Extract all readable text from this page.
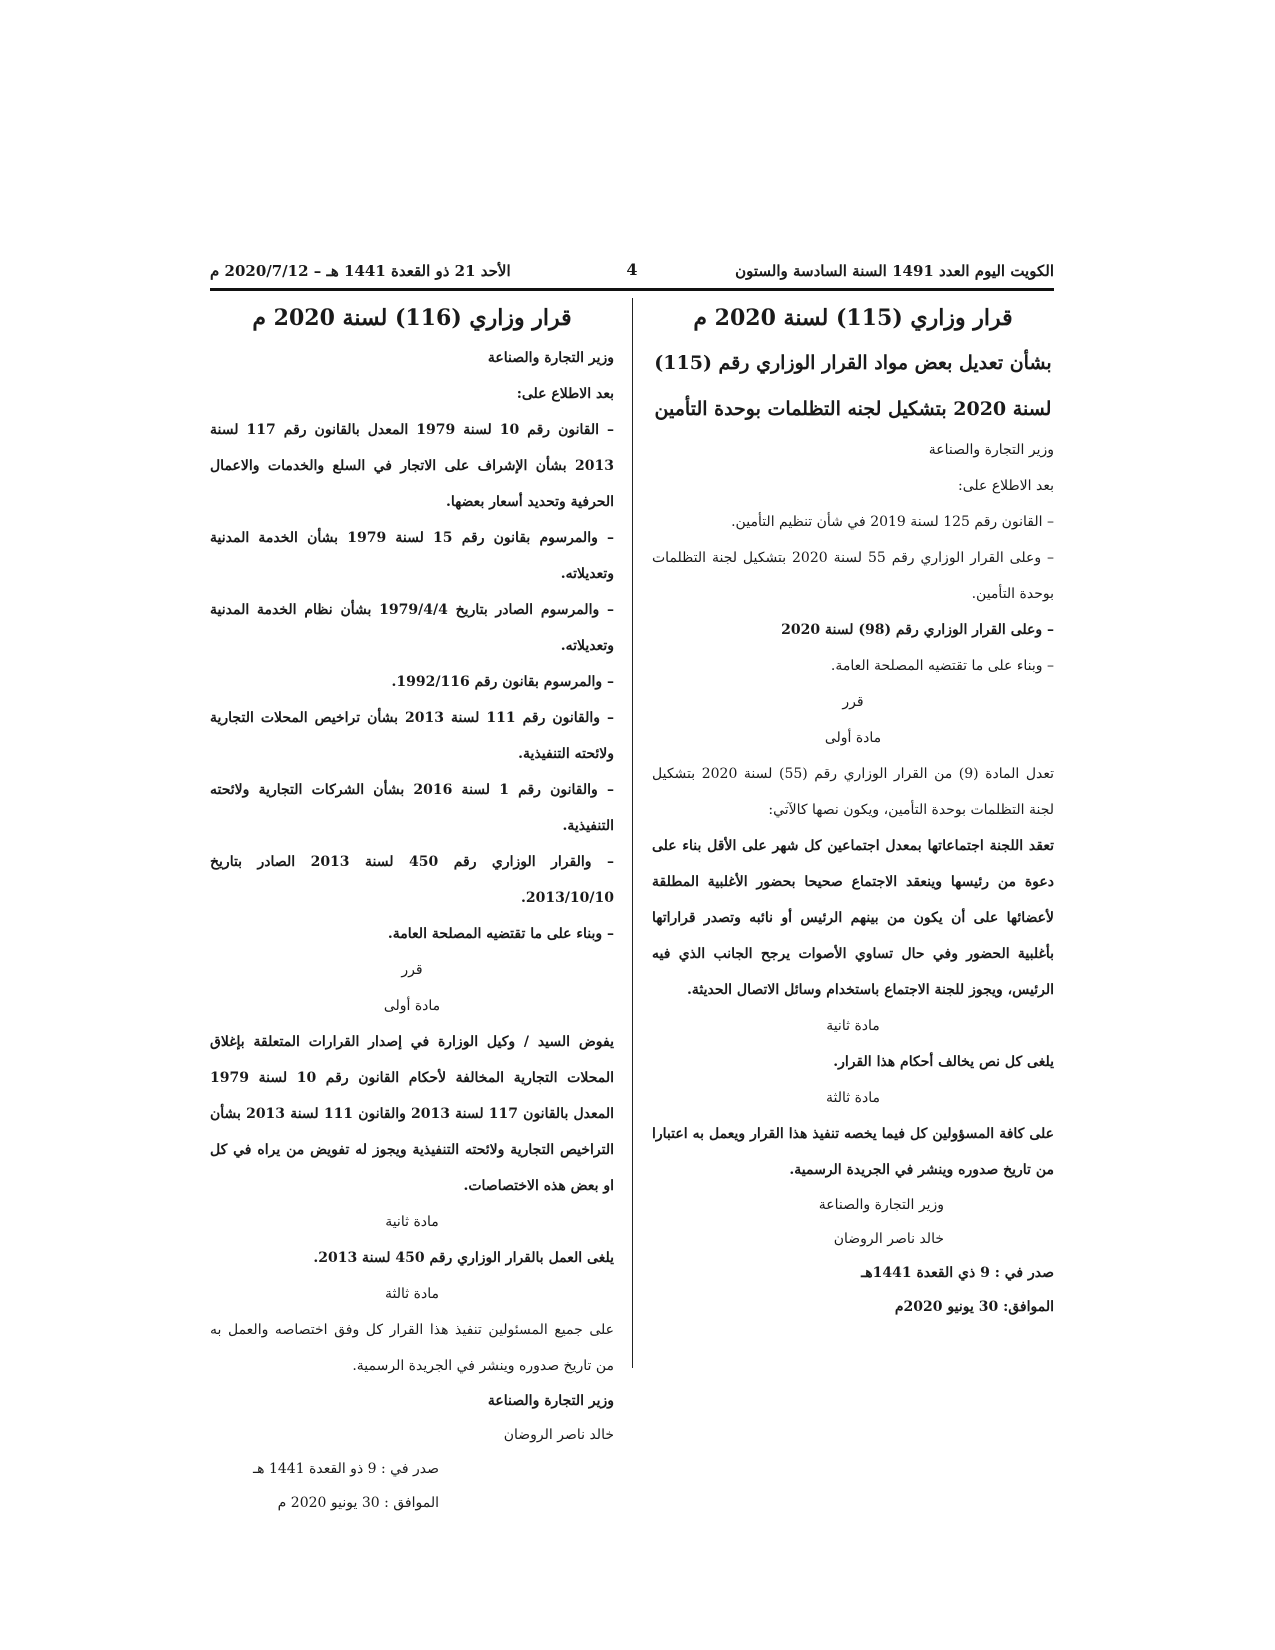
الكويت اليوم العدد 1491 السنة السادسة والستون
4
الأحد 21 ذو القعدة 1441 هـ – 2020/7/12 م

قرار وزاري (115) لسنة 2020 م

بشأن تعديل بعض مواد القرار الوزاري رقم (115)

لسنة 2020 بتشكيل لجنه التظلمات بوحدة التأمين

وزير التجارة والصناعة

بعد الاطلاع على:

– القانون رقم 125 لسنة 2019 في شأن تنظيم التأمين.

– وعلى القرار الوزاري رقم 55 لسنة 2020 بتشكيل لجنة التظلمات بوحدة التأمين.

– وعلى القرار الوزاري رقم (98) لسنة 2020

– وبناء على ما تقتضيه المصلحة العامة.

قرر

مادة أولى

تعدل المادة (9) من القرار الوزاري رقم (55) لسنة 2020 بتشكيل لجنة التظلمات بوحدة التأمين، ويكون نصها كالآتي:

تعقد اللجنة اجتماعاتها بمعدل اجتماعين كل شهر على الأقل بناء على دعوة من رئيسها وينعقد الاجتماع صحيحا بحضور الأغلبية المطلقة لأعضائها على أن يكون من بينهم الرئيس أو نائبه وتصدر قراراتها بأغلبية الحضور وفي حال تساوي الأصوات يرجح الجانب الذي فيه الرئيس، ويجوز للجنة الاجتماع باستخدام وسائل الاتصال الحديثة.

مادة ثانية

يلغى كل نص يخالف أحكام هذا القرار.

مادة ثالثة

على كافة المسؤولين كل فيما يخصه تنفيذ هذا القرار ويعمل به اعتبارا من تاريخ صدوره وينشر في الجريدة الرسمية.

وزير التجارة والصناعة

خالد ناصر الروضان

صدر في : 9 ذي القعدة 1441هـ

الموافق: 30 يونيو 2020م

قرار وزاري (116) لسنة 2020 م

وزير التجارة والصناعة

بعد الاطلاع على:

– القانون رقم 10 لسنة 1979 المعدل بالقانون رقم 117 لسنة 2013 بشأن الإشراف على الاتجار في السلع والخدمات والاعمال الحرفية وتحديد أسعار بعضها.

– والمرسوم بقانون رقم 15 لسنة 1979 بشأن الخدمة المدنية وتعديلاته.

– والمرسوم الصادر بتاريخ 1979/4/4 بشأن نظام الخدمة المدنية وتعديلاته.

– والمرسوم بقانون رقم 1992/116.

– والقانون رقم 111 لسنة 2013 بشأن تراخيص المحلات التجارية ولائحته التنفيذية.

– والقانون رقم 1 لسنة 2016 بشأن الشركات التجارية ولائحته التنفيذية.

– والقرار الوزاري رقم 450 لسنة 2013 الصادر بتاريخ 2013/10/10.

– وبناء على ما تقتضيه المصلحة العامة.

قرر

مادة أولى

يفوض السيد / وكيل الوزارة في إصدار القرارات المتعلقة بإغلاق المحلات التجارية المخالفة لأحكام القانون رقم 10 لسنة 1979 المعدل بالقانون 117 لسنة 2013 والقانون 111 لسنة 2013 بشأن التراخيص التجارية ولائحته التنفيذية ويجوز له تفويض من يراه في كل او بعض هذه الاختصاصات.

مادة ثانية

يلغى العمل بالقرار الوزاري رقم 450 لسنة 2013.

مادة ثالثة

على جميع المسئولين تنفيذ هذا القرار كل وفق اختصاصه والعمل به من تاريخ صدوره وينشر في الجريدة الرسمية.

وزير التجارة والصناعة

خالد ناصر الروضان

صدر في : 9 ذو القعدة 1441 هـ

الموافق : 30 يونيو 2020 م
